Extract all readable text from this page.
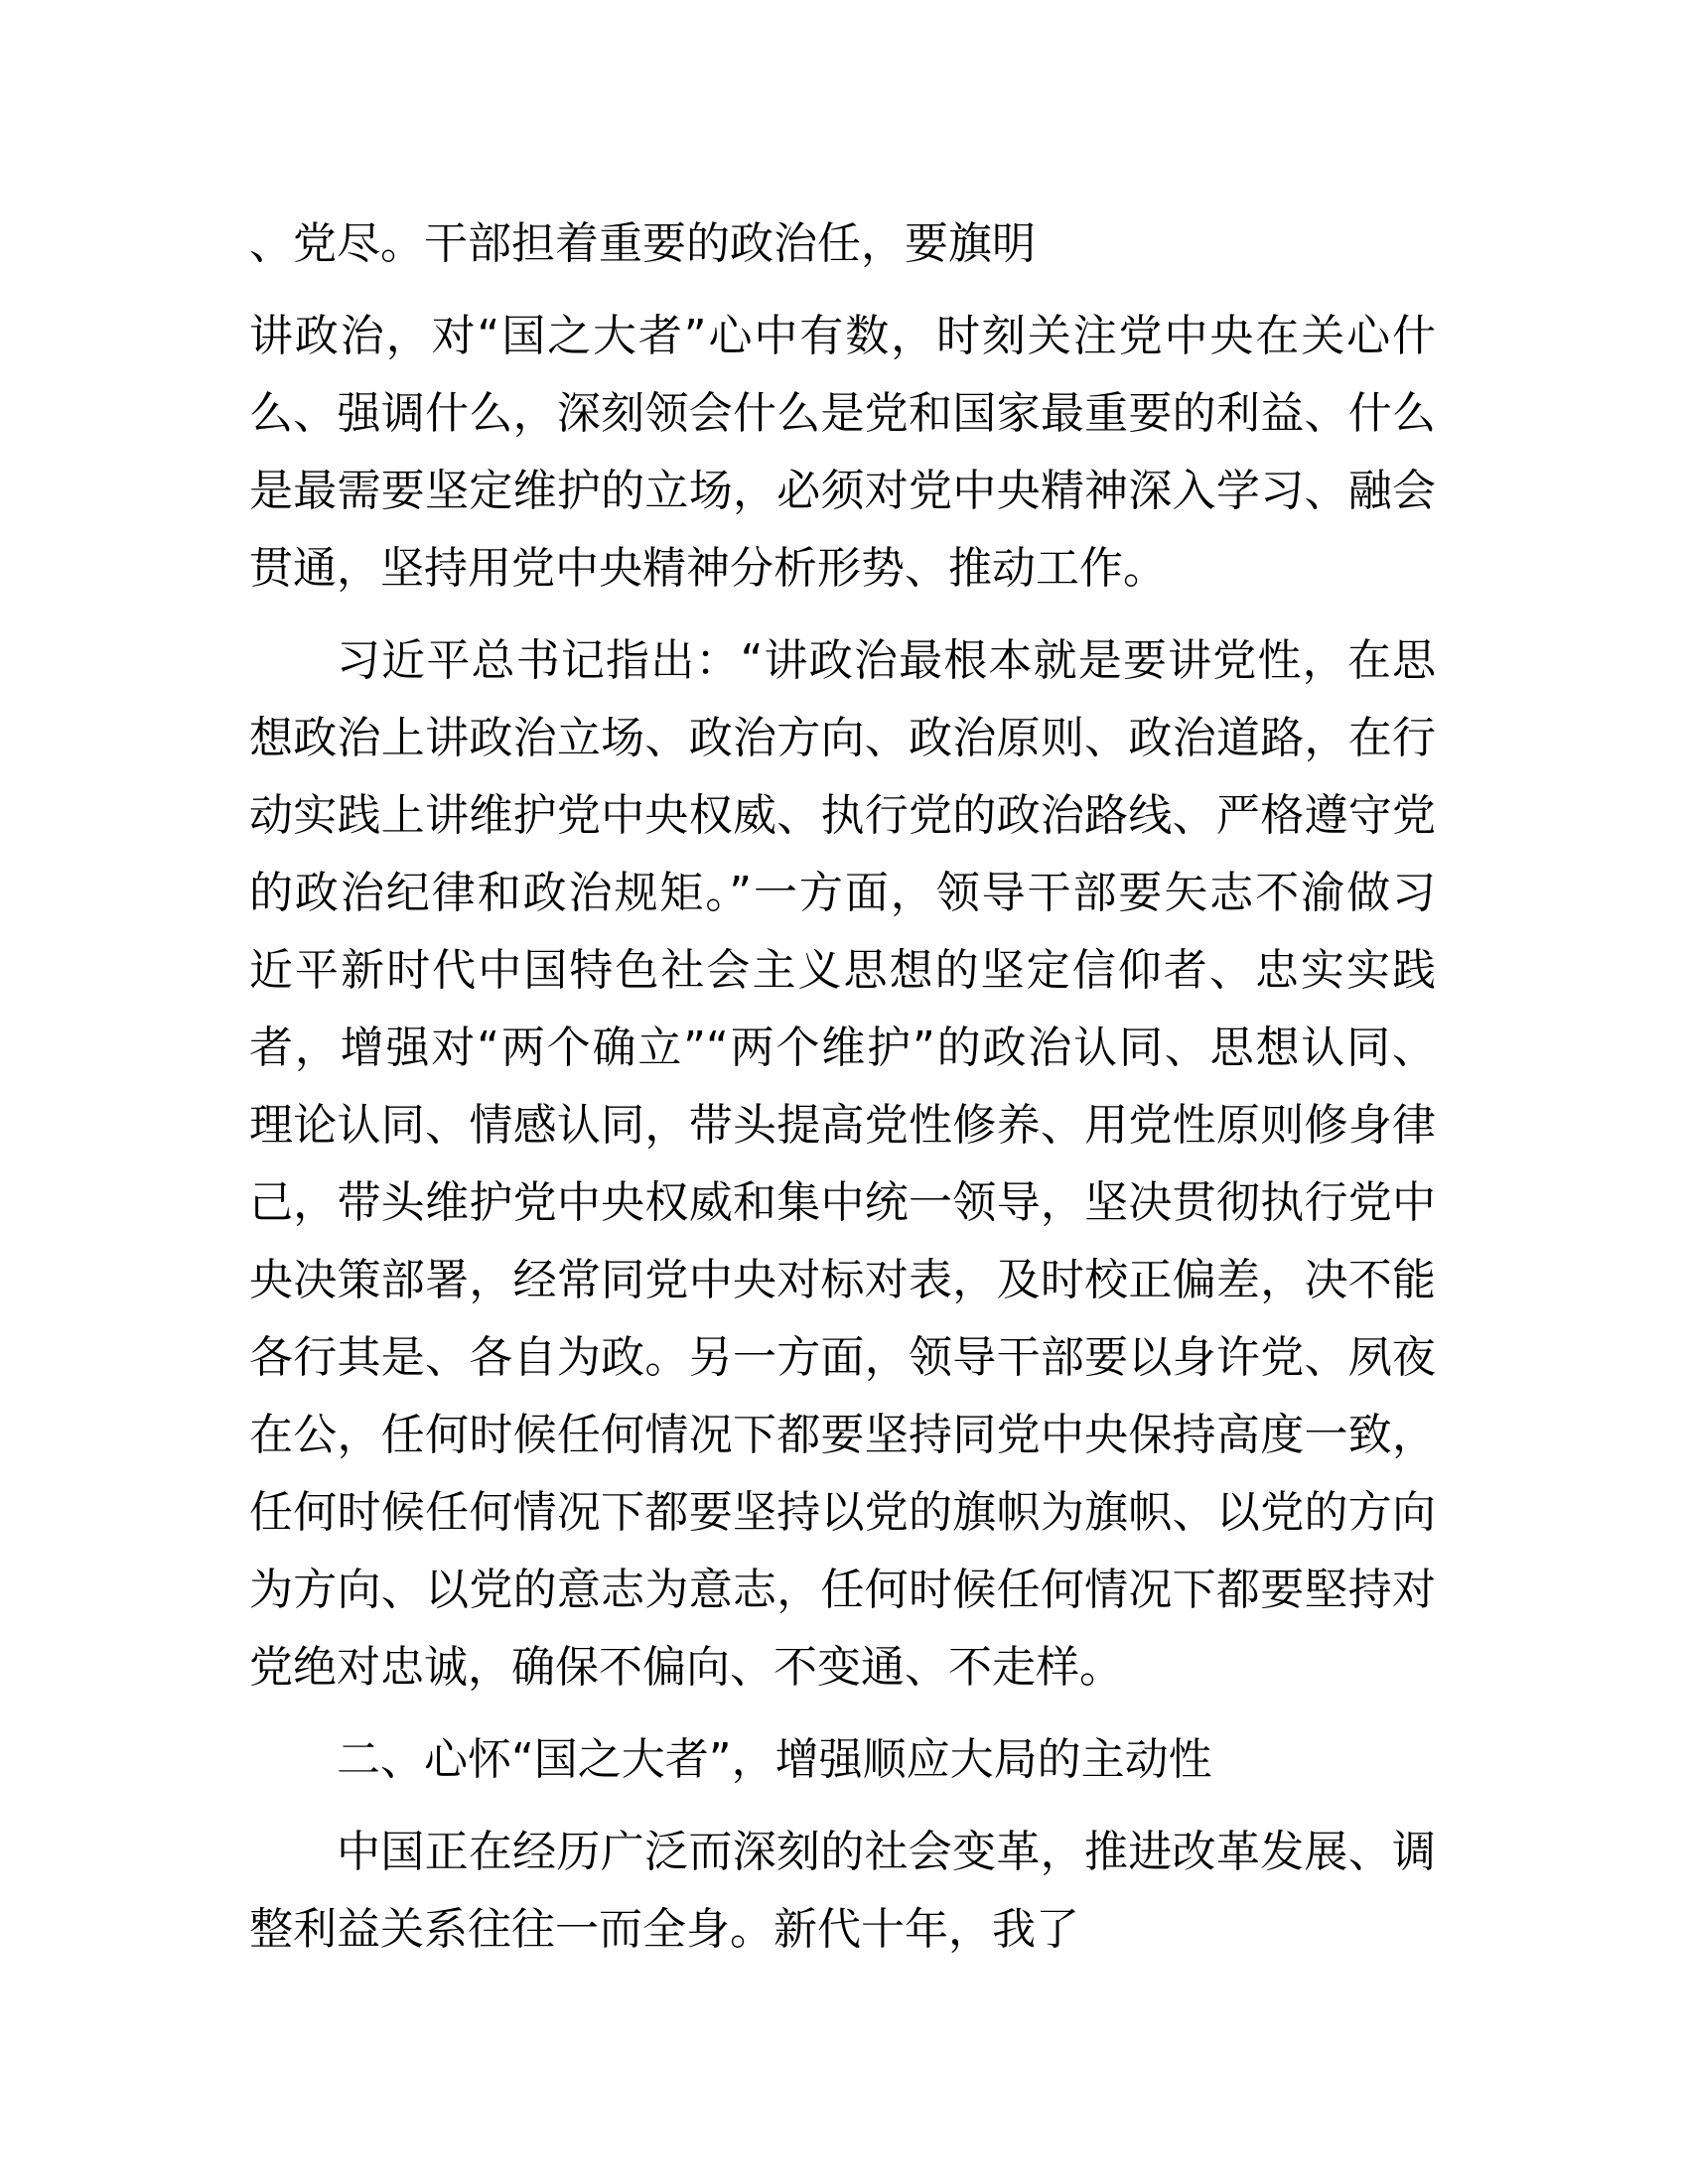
、党尽。干部担着重要的政治任，要旗明
讲政治，对“国之大者”心中有数，时刻关注党中央在关心什
么、强调什么，深刻领会什么是党和国家最重要的利益、什么
是最需要坚定维护的立场，必须对党中央精神深入学习、融会
贯通，坚持用党中央精神分析形势、推动工作。
习近平总书记指出：“讲政治最根本就是要讲党性，在思
想政治上讲政治立场、政治方向、政治原则、政治道路，在行
动实践上讲维护党中央权威、执行党的政治路线、严格遵守党
的政治纪律和政治规矩。”一方面，领导干部要矢志不渝做习
近平新时代中国特色社会主义思想的坚定信仰者、忠实实践
者，增强对“两个确立”“两个维护”的政治认同、思想认同、
理论认同、情感认同，带头提高党性修养、用党性原则修身律
己，带头维护党中央权威和集中统一领导，坚决贯彻执行党中
央决策部署，经常同党中央对标对表，及时校正偏差，决不能
各行其是、各自为政。另一方面，领导干部要以身许党、夙夜
在公，任何时候任何情况下都要坚持同党中央保持高度一致，
任何时候任何情况下都要坚持以党的旗帜为旗帜、以党的方向
为方向、以党的意志为意志，任何时候任何情况下都要堅持对
党绝对忠诚，确保不偏向、不变通、不走样。
二、心怀“国之大者”，增强顺应大局的主动性
中国正在经历广泛而深刻的社会变革，推进改革发展、调
整利益关系往往一而全身。新代十年，我了
